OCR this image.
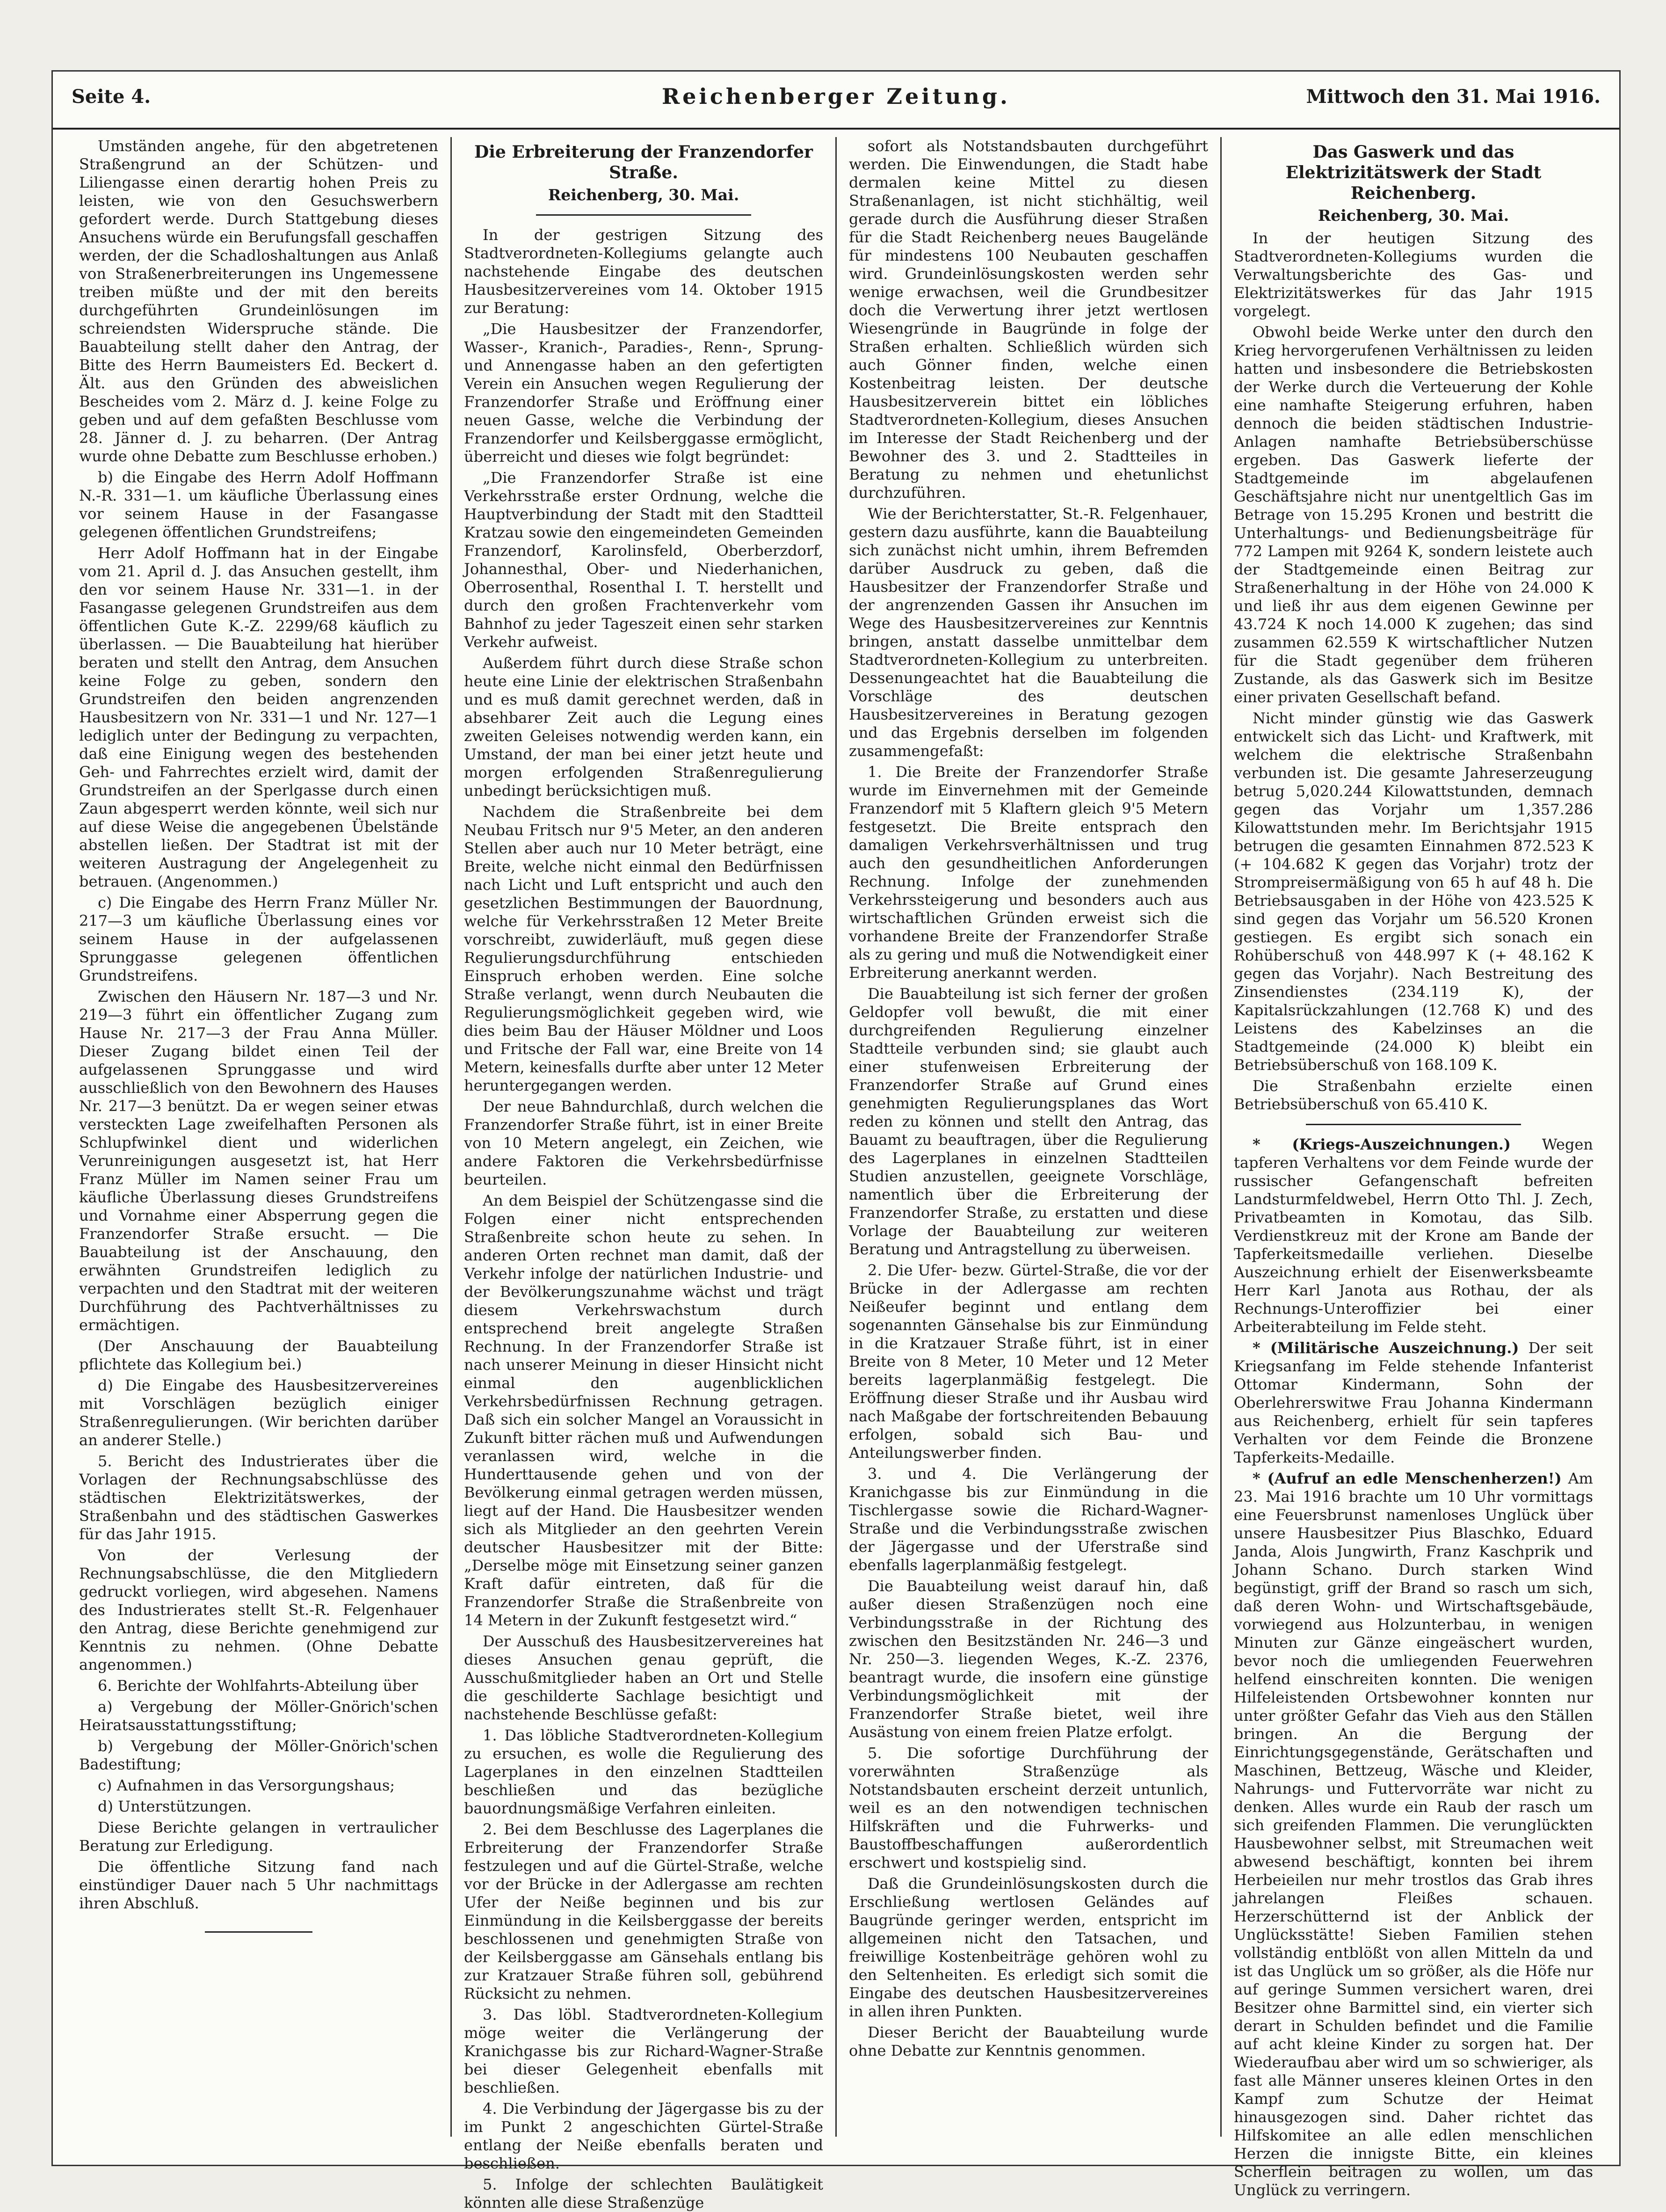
Seite 4.	Reichenberger Zeitung.	Mittwoch den 31. Mai 1916.

Umständen angehe, für den abgetretenen Straßengrund an der Schützen- und Liliengasse einen derartig hohen Preis zu leisten, wie von den Gesuchswerbern gefordert werde. Durch Stattgebung dieses Ansuchens würde ein Berufungsfall geschaffen werden, der die Schadloshaltungen aus Anlaß von Straßenerbreiterungen ins Ungemessene treiben müßte und der mit den bereits durchgeführten Grundeinlösungen im schreiendsten Widerspruche stände. Die Bauabteilung stellt daher den Antrag, der Bitte des Herrn Baumeisters Ed. Beckert d. Ält. aus den Gründen des abweislichen Bescheides vom 2. März d. J. keine Folge zu geben und auf dem gefaßten Beschlusse vom 28. Jänner d. J. zu beharren. (Der Antrag wurde ohne Debatte zum Beschlusse erhoben.)

b) die Eingabe des Herrn Adolf Hoffmann N.-R. 331—1. um käufliche Überlassung eines vor seinem Hause in der Fasangasse gelegenen öffentlichen Grundstreifens;

Herr Adolf Hoffmann hat in der Eingabe vom 21. April d. J. das Ansuchen gestellt, ihm den vor seinem Hause Nr. 331—1. in der Fasangasse gelegenen Grundstreifen aus dem öffentlichen Gute K.-Z. 2299/68 käuflich zu überlassen. — Die Bauabteilung hat hierüber beraten und stellt den Antrag, dem Ansuchen keine Folge zu geben, sondern den Grundstreifen den beiden angrenzenden Hausbesitzern von Nr. 331—1 und Nr. 127—1 lediglich unter der Bedingung zu verpachten, daß eine Einigung wegen des bestehenden Geh- und Fahrrechtes erzielt wird, damit der Grundstreifen an der Sperlgasse durch einen Zaun abgesperrt werden könnte, weil sich nur auf diese Weise die angegebenen Übelstände abstellen ließen. Der Stadtrat ist mit der weiteren Austragung der Angelegenheit zu betrauen. (Angenommen.)

c) Die Eingabe des Herrn Franz Müller Nr. 217—3 um käufliche Überlassung eines vor seinem Hause in der aufgelassenen Sprunggasse gelegenen öffentlichen Grundstreifens.

Zwischen den Häusern Nr. 187—3 und Nr. 219—3 führt ein öffentlicher Zugang zum Hause Nr. 217—3 der Frau Anna Müller. Dieser Zugang bildet einen Teil der aufgelassenen Sprunggasse und wird ausschließlich von den Bewohnern des Hauses Nr. 217—3 benützt. Da er wegen seiner etwas versteckten Lage zweifelhaften Personen als Schlupfwinkel dient und widerlichen Verunreinigungen ausgesetzt ist, hat Herr Franz Müller im Namen seiner Frau um käufliche Überlassung dieses Grundstreifens und Vornahme einer Absperrung gegen die Franzendorfer Straße ersucht. — Die Bauabteilung ist der Anschauung, den erwähnten Grundstreifen lediglich zu verpachten und den Stadtrat mit der weiteren Durchführung des Pachtverhältnisses zu ermächtigen.

(Der Anschauung der Bauabteilung pflichtete das Kollegium bei.)

d) Die Eingabe des Hausbesitzervereines mit Vorschlägen bezüglich einiger Straßenregulierungen. (Wir berichten darüber an anderer Stelle.)

5. Bericht des Industrierates über die Vorlagen der Rechnungsabschlüsse des städtischen Elektrizitätswerkes, der Straßenbahn und des städtischen Gaswerkes für das Jahr 1915.

Von der Verlesung der Rechnungsabschlüsse, die den Mitgliedern gedruckt vorliegen, wird abgesehen. Namens des Industrierates stellt St.-R. Felgenhauer den Antrag, diese Berichte genehmigend zur Kenntnis zu nehmen. (Ohne Debatte angenommen.)

6. Berichte der Wohlfahrts-Abteilung über

a) Vergebung der Möller-Gnörich'schen Heiratsausstattungsstiftung;

b) Vergebung der Möller-Gnörich'schen Badestiftung;

c) Aufnahmen in das Versorgungshaus;

d) Unterstützungen.

Diese Berichte gelangen in vertraulicher Beratung zur Erledigung.

Die öffentliche Sitzung fand nach einstündiger Dauer nach 5 Uhr nachmittags ihren Abschluß.

Die Erbreiterung der Franzendorfer Straße.
Reichenberg, 30. Mai.

In der gestrigen Sitzung des Stadtverordneten-Kollegiums gelangte auch nachstehende Eingabe des deutschen Hausbesitzervereines vom 14. Oktober 1915 zur Beratung:

„Die Hausbesitzer der Franzendorfer, Wasser-, Kranich-, Paradies-, Renn-, Sprung- und Annengasse haben an den gefertigten Verein ein Ansuchen wegen Regulierung der Franzendorfer Straße und Eröffnung einer neuen Gasse, welche die Verbindung der Franzendorfer und Keilsberggasse ermöglicht, überreicht und dieses wie folgt begründet:

„Die Franzendorfer Straße ist eine Verkehrsstraße erster Ordnung, welche die Hauptverbindung der Stadt mit den Stadtteil Kratzau sowie den eingemeindeten Gemeinden Franzendorf, Karolinsfeld, Oberberzdorf, Johannesthal, Ober- und Niederhanichen, Oberrosenthal, Rosenthal I. T. herstellt und durch den großen Frachtenverkehr vom Bahnhof zu jeder Tageszeit einen sehr starken Verkehr aufweist.

Außerdem führt durch diese Straße schon heute eine Linie der elektrischen Straßenbahn und es muß damit gerechnet werden, daß in absehbarer Zeit auch die Legung eines zweiten Geleises notwendig werden kann, ein Umstand, der man bei einer jetzt heute und morgen erfolgenden Straßenregulierung unbedingt berücksichtigen muß.

Nachdem die Straßenbreite bei dem Neubau Fritsch nur 9'5 Meter, an den anderen Stellen aber auch nur 10 Meter beträgt, eine Breite, welche nicht einmal den Bedürfnissen nach Licht und Luft entspricht und auch den gesetzlichen Bestimmungen der Bauordnung, welche für Verkehrsstraßen 12 Meter Breite vorschreibt, zuwiderläuft, muß gegen diese Regulierungsdurchführung entschieden Einspruch erhoben werden. Eine solche Straße verlangt, wenn durch Neubauten die Regulierungsmöglichkeit gegeben wird, wie dies beim Bau der Häuser Möldner und Loos und Fritsche der Fall war, eine Breite von 14 Metern, keinesfalls durfte aber unter 12 Meter heruntergegangen werden.

Der neue Bahndurchlaß, durch welchen die Franzendorfer Straße führt, ist in einer Breite von 10 Metern angelegt, ein Zeichen, wie andere Faktoren die Verkehrsbedürfnisse beurteilen.

An dem Beispiel der Schützengasse sind die Folgen einer nicht entsprechenden Straßenbreite schon heute zu sehen. In anderen Orten rechnet man damit, daß der Verkehr infolge der natürlichen Industrie- und der Bevölkerungszunahme wächst und trägt diesem Verkehrswachstum durch entsprechend breit angelegte Straßen Rechnung. In der Franzendorfer Straße ist nach unserer Meinung in dieser Hinsicht nicht einmal den augenblicklichen Verkehrsbedürfnissen Rechnung getragen. Daß sich ein solcher Mangel an Voraussicht in Zukunft bitter rächen muß und Aufwendungen veranlassen wird, welche in die Hunderttausende gehen und von der Bevölkerung einmal getragen werden müssen, liegt auf der Hand. Die Hausbesitzer wenden sich als Mitglieder an den geehrten Verein deutscher Hausbesitzer mit der Bitte: „Derselbe möge mit Einsetzung seiner ganzen Kraft dafür eintreten, daß für die Franzendorfer Straße die Straßenbreite von 14 Metern in der Zukunft festgesetzt wird.“

Der Ausschuß des Hausbesitzervereines hat dieses Ansuchen genau geprüft, die Ausschußmitglieder haben an Ort und Stelle die geschilderte Sachlage besichtigt und nachstehende Beschlüsse gefaßt:

1. Das löbliche Stadtverordneten-Kollegium zu ersuchen, es wolle die Regulierung des Lagerplanes in den einzelnen Stadtteilen beschließen und das bezügliche bauordnungsmäßige Verfahren einleiten.

2. Bei dem Beschlusse des Lagerplanes die Erbreiterung der Franzendorfer Straße festzulegen und auf die Gürtel-Straße, welche vor der Brücke in der Adlergasse am rechten Ufer der Neiße beginnen und bis zur Einmündung in die Keilsberggasse der bereits beschlossenen und genehmigten Straße von der Keilsberggasse am Gänsehals entlang bis zur Kratzauer Straße führen soll, gebührend Rücksicht zu nehmen.

3. Das löbl. Stadtverordneten-Kollegium möge weiter die Verlängerung der Kranichgasse bis zur Richard-Wagner-Straße bei dieser Gelegenheit ebenfalls mit beschließen.

4. Die Verbindung der Jägergasse bis zu der im Punkt 2 angeschichten Gürtel-Straße entlang der Neiße ebenfalls beraten und beschließen.

5. Infolge der schlechten Baulätigkeit könnten alle diese Straßenzüge

sofort als Notstandsbauten durchgeführt werden. Die Einwendungen, die Stadt habe dermalen keine Mittel zu diesen Straßenanlagen, ist nicht stichhältig, weil gerade durch die Ausführung dieser Straßen für die Stadt Reichenberg neues Baugelände für mindestens 100 Neubauten geschaffen wird. Grundeinlösungskosten werden sehr wenige erwachsen, weil die Grundbesitzer doch die Verwertung ihrer jetzt wertlosen Wiesengründe in Baugründe in folge der Straßen erhalten. Schließlich würden sich auch Gönner finden, welche einen Kostenbeitrag leisten. Der deutsche Hausbesitzerverein bittet ein löbliches Stadtverordneten-Kollegium, dieses Ansuchen im Interesse der Stadt Reichenberg und der Bewohner des 3. und 2. Stadtteiles in Beratung zu nehmen und ehetunlichst durchzuführen.

Wie der Berichterstatter, St.-R. Felgenhauer, gestern dazu ausführte, kann die Bauabteilung sich zunächst nicht umhin, ihrem Befremden darüber Ausdruck zu geben, daß die Hausbesitzer der Franzendorfer Straße und der angrenzenden Gassen ihr Ansuchen im Wege des Hausbesitzervereines zur Kenntnis bringen, anstatt dasselbe unmittelbar dem Stadtverordneten-Kollegium zu unterbreiten. Dessenungeachtet hat die Bauabteilung die Vorschläge des deutschen Hausbesitzervereines in Beratung gezogen und das Ergebnis derselben im folgenden zusammengefaßt:

1. Die Breite der Franzendorfer Straße wurde im Einvernehmen mit der Gemeinde Franzendorf mit 5 Klaftern gleich 9'5 Metern festgesetzt. Die Breite entsprach den damaligen Verkehrsverhältnissen und trug auch den gesundheitlichen Anforderungen Rechnung. Infolge der zunehmenden Verkehrssteigerung und besonders auch aus wirtschaftlichen Gründen erweist sich die vorhandene Breite der Franzendorfer Straße als zu gering und muß die Notwendigkeit einer Erbreiterung anerkannt werden.

Die Bauabteilung ist sich ferner der großen Geldopfer voll bewußt, die mit einer durchgreifenden Regulierung einzelner Stadtteile verbunden sind; sie glaubt auch einer stufenweisen Erbreiterung der Franzendorfer Straße auf Grund eines genehmigten Regulierungsplanes das Wort reden zu können und stellt den Antrag, das Bauamt zu beauftragen, über die Regulierung des Lagerplanes in einzelnen Stadtteilen Studien anzustellen, geeignete Vorschläge, namentlich über die Erbreiterung der Franzendorfer Straße, zu erstatten und diese Vorlage der Bauabteilung zur weiteren Beratung und Antragstellung zu überweisen.

2. Die Ufer- bezw. Gürtel-Straße, die vor der Brücke in der Adlergasse am rechten Neißeufer beginnt und entlang dem sogenannten Gänsehalse bis zur Einmündung in die Kratzauer Straße führt, ist in einer Breite von 8 Meter, 10 Meter und 12 Meter bereits lagerplanmäßig festgelegt. Die Eröffnung dieser Straße und ihr Ausbau wird nach Maßgabe der fortschreitenden Bebauung erfolgen, sobald sich Bau- und Anteilungswerber finden.

3. und 4. Die Verlängerung der Kranichgasse bis zur Einmündung in die Tischlergasse sowie die Richard-Wagner-Straße und die Verbindungsstraße zwischen der Jägergasse und der Uferstraße sind ebenfalls lagerplanmäßig festgelegt.

Die Bauabteilung weist darauf hin, daß außer diesen Straßenzügen noch eine Verbindungsstraße in der Richtung des zwischen den Besitzständen Nr. 246—3 und Nr. 250—3. liegenden Weges, K.-Z. 2376, beantragt wurde, die insofern eine günstige Verbindungsmöglichkeit mit der Franzendorfer Straße bietet, weil ihre Ausästung von einem freien Platze erfolgt.

5. Die sofortige Durchführung der vorerwähnten Straßenzüge als Notstandsbauten erscheint derzeit untunlich, weil es an den notwendigen technischen Hilfskräften und die Fuhrwerks- und Baustoffbeschaffungen außerordentlich erschwert und kostspielig sind.

Daß die Grundeinlösungskosten durch die Erschließung wertlosen Geländes auf Baugründe geringer werden, entspricht im allgemeinen nicht den Tatsachen, und freiwillige Kostenbeiträge gehören wohl zu den Seltenheiten. Es erledigt sich somit die Eingabe des deutschen Hausbesitzervereines in allen ihren Punkten.

Dieser Bericht der Bauabteilung wurde ohne Debatte zur Kenntnis genommen.

Das Gaswerk und das Elektrizitätswerk der Stadt Reichenberg.
Reichenberg, 30. Mai.

In der heutigen Sitzung des Stadtverordneten-Kollegiums wurden die Verwaltungsberichte des Gas- und Elektrizitätswerkes für das Jahr 1915 vorgelegt.

Obwohl beide Werke unter den durch den Krieg hervorgerufenen Verhältnissen zu leiden hatten und insbesondere die Betriebskosten der Werke durch die Verteuerung der Kohle eine namhafte Steigerung erfuhren, haben dennoch die beiden städtischen Industrie-Anlagen namhafte Betriebsüberschüsse ergeben. Das Gaswerk lieferte der Stadtgemeinde im abgelaufenen Geschäftsjahre nicht nur unentgeltlich Gas im Betrage von 15.295 Kronen und bestritt die Unterhaltungs- und Bedienungsbeiträge für 772 Lampen mit 9264 K, sondern leistete auch der Stadtgemeinde einen Beitrag zur Straßenerhaltung in der Höhe von 24.000 K und ließ ihr aus dem eigenen Gewinne per 43.724 K noch 14.000 K zugehen; das sind zusammen 62.559 K wirtschaftlicher Nutzen für die Stadt gegenüber dem früheren Zustande, als das Gaswerk sich im Besitze einer privaten Gesellschaft befand.

Nicht minder günstig wie das Gaswerk entwickelt sich das Licht- und Kraftwerk, mit welchem die elektrische Straßenbahn verbunden ist. Die gesamte Jahreserzeugung betrug 5,020.244 Kilowattstunden, demnach gegen das Vorjahr um 1,357.286 Kilowattstunden mehr. Im Berichtsjahr 1915 betrugen die gesamten Einnahmen 872.523 K (+ 104.682 K gegen das Vorjahr) trotz der Strompreisermäßigung von 65 h auf 48 h. Die Betriebsausgaben in der Höhe von 423.525 K sind gegen das Vorjahr um 56.520 Kronen gestiegen. Es ergibt sich sonach ein Rohüberschuß von 448.997 K (+ 48.162 K gegen das Vorjahr). Nach Bestreitung des Zinsendienstes (234.119 K), der Kapitalsrückzahlungen (12.768 K) und des Leistens des Kabelzinses an die Stadtgemeinde (24.000 K) bleibt ein Betriebsüberschuß von 168.109 K.

Die Straßenbahn erzielte einen Betriebsüberschuß von 65.410 K.

* (Kriegs-Auszeichnungen.) Wegen tapferen Verhaltens vor dem Feinde wurde der russischer Gefangenschaft befreiten Landsturmfeldwebel, Herrn Otto Thl. J. Zech, Privatbeamten in Komotau, das Silb. Verdienstkreuz mit der Krone am Bande der Tapferkeitsmedaille verliehen. Dieselbe Auszeichnung erhielt der Eisenwerksbeamte Herr Karl Janota aus Rothau, der als Rechnungs-Unteroffizier bei einer Arbeiterabteilung im Felde steht.

* (Militärische Auszeichnung.) Der seit Kriegsanfang im Felde stehende Infanterist Ottomar Kindermann, Sohn der Oberlehrerswitwe Frau Johanna Kindermann aus Reichenberg, erhielt für sein tapferes Verhalten vor dem Feinde die Bronzene Tapferkeits-Medaille.

* (Aufruf an edle Menschenherzen!) Am 23. Mai 1916 brachte um 10 Uhr vormittags eine Feuersbrunst namenloses Unglück über unsere Hausbesitzer Pius Blaschko, Eduard Janda, Alois Jungwirth, Franz Kaschprik und Johann Schano. Durch starken Wind begünstigt, griff der Brand so rasch um sich, daß deren Wohn- und Wirtschaftsgebäude, vorwiegend aus Holzunterbau, in wenigen Minuten zur Gänze eingeäschert wurden, bevor noch die umliegenden Feuerwehren helfend einschreiten konnten. Die wenigen Hilfeleistenden Ortsbewohner konnten nur unter größter Gefahr das Vieh aus den Ställen bringen. An die Bergung der Einrichtungsgegenstände, Gerätschaften und Maschinen, Bettzeug, Wäsche und Kleider, Nahrungs- und Futtervorräte war nicht zu denken. Alles wurde ein Raub der rasch um sich greifenden Flammen. Die verunglückten Hausbewohner selbst, mit Streumachen weit abwesend beschäftigt, konnten bei ihrem Herbeieilen nur mehr trostlos das Grab ihres jahrelangen Fleißes schauen. Herzerschütternd ist der Anblick der Unglücksstätte! Sieben Familien stehen vollständig entblößt von allen Mitteln da und ist das Unglück um so größer, als die Höfe nur auf geringe Summen versichert waren, drei Besitzer ohne Barmittel sind, ein vierter sich derart in Schulden befindet und die Familie auf acht kleine Kinder zu sorgen hat. Der Wiederaufbau aber wird um so schwieriger, als fast alle Männer unseres kleinen Ortes in den Kampf zum Schutze der Heimat hinausgezogen sind. Daher richtet das Hilfskomitee an alle edlen menschlichen Herzen die innigste Bitte, ein kleines Scherflein beitragen zu wollen, um das Unglück zu verringern.
